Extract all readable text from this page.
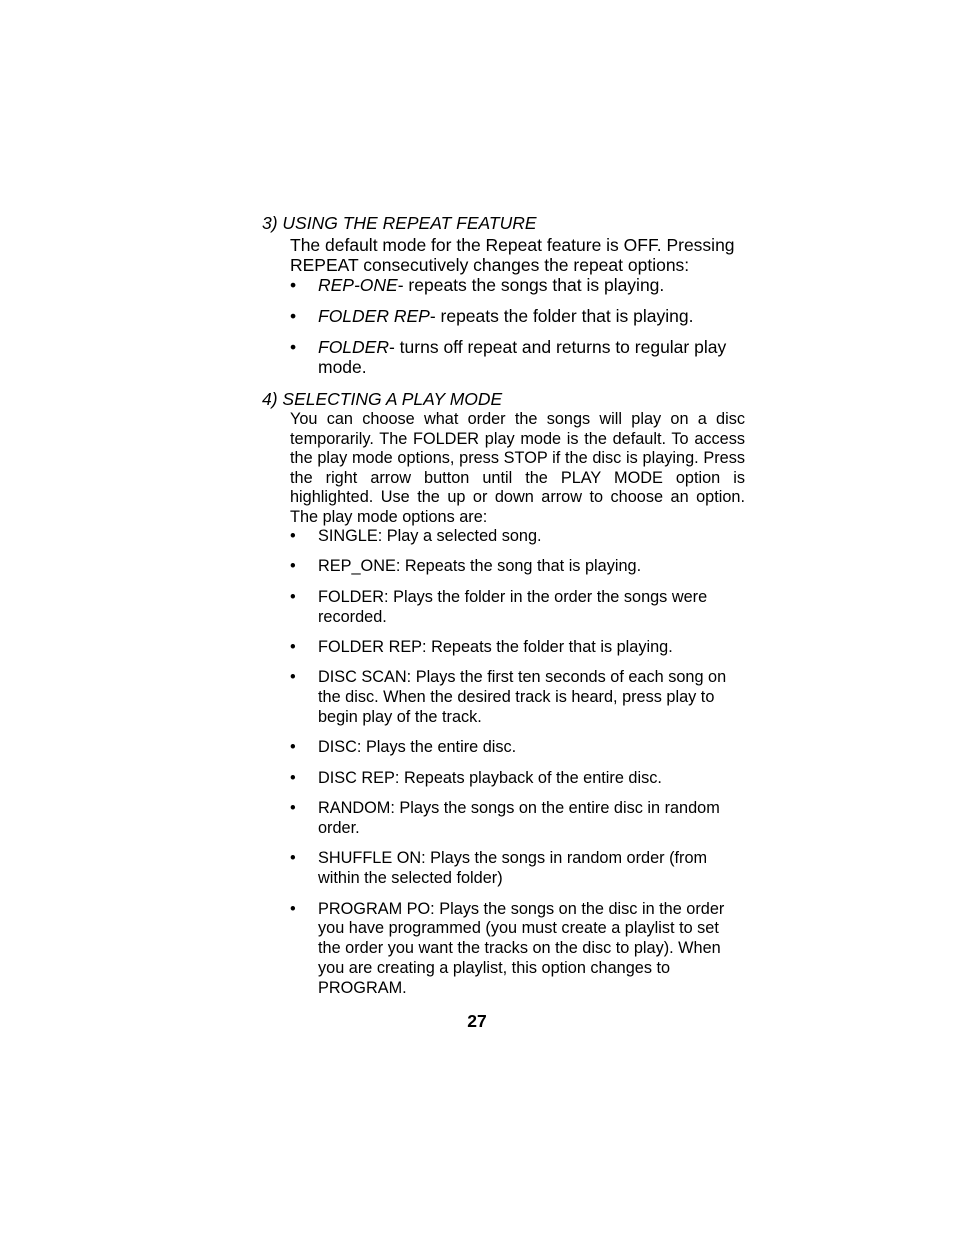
3) USING THE REPEAT FEATURE

The default mode for the Repeat feature is OFF. Pressing REPEAT consecutively changes the repeat options:

• REP-ONE- repeats the songs that is playing.
• FOLDER REP- repeats the folder that is playing.
• FOLDER- turns off repeat and returns to regular play mode.
4) SELECTING A PLAY MODE

You can choose what order the songs will play on a disc temporarily. The FOLDER play mode is the default. To access the play mode options, press STOP if the disc is playing. Press the right arrow button until the PLAY MODE option is highlighted. Use the up or down arrow to choose an option. The play mode options are:

• SINGLE: Play a selected song.
• REP_ONE: Repeats the song that is playing.
• FOLDER: Plays the folder in the order the songs were recorded.
• FOLDER REP: Repeats the folder that is playing.
• DISC SCAN: Plays the first ten seconds of each song on the disc. When the desired track is heard, press play to begin play of the track.
• DISC: Plays the entire disc.
• DISC REP: Repeats playback of the entire disc.
• RANDOM: Plays the songs on the entire disc in random order.
• SHUFFLE ON: Plays the songs in random order (from within the selected folder)
• PROGRAM PO: Plays the songs on the disc in the order you have programmed (you must create a playlist to set the order you want the tracks on the disc to play). When you are creating a playlist, this option changes to PROGRAM.
27
